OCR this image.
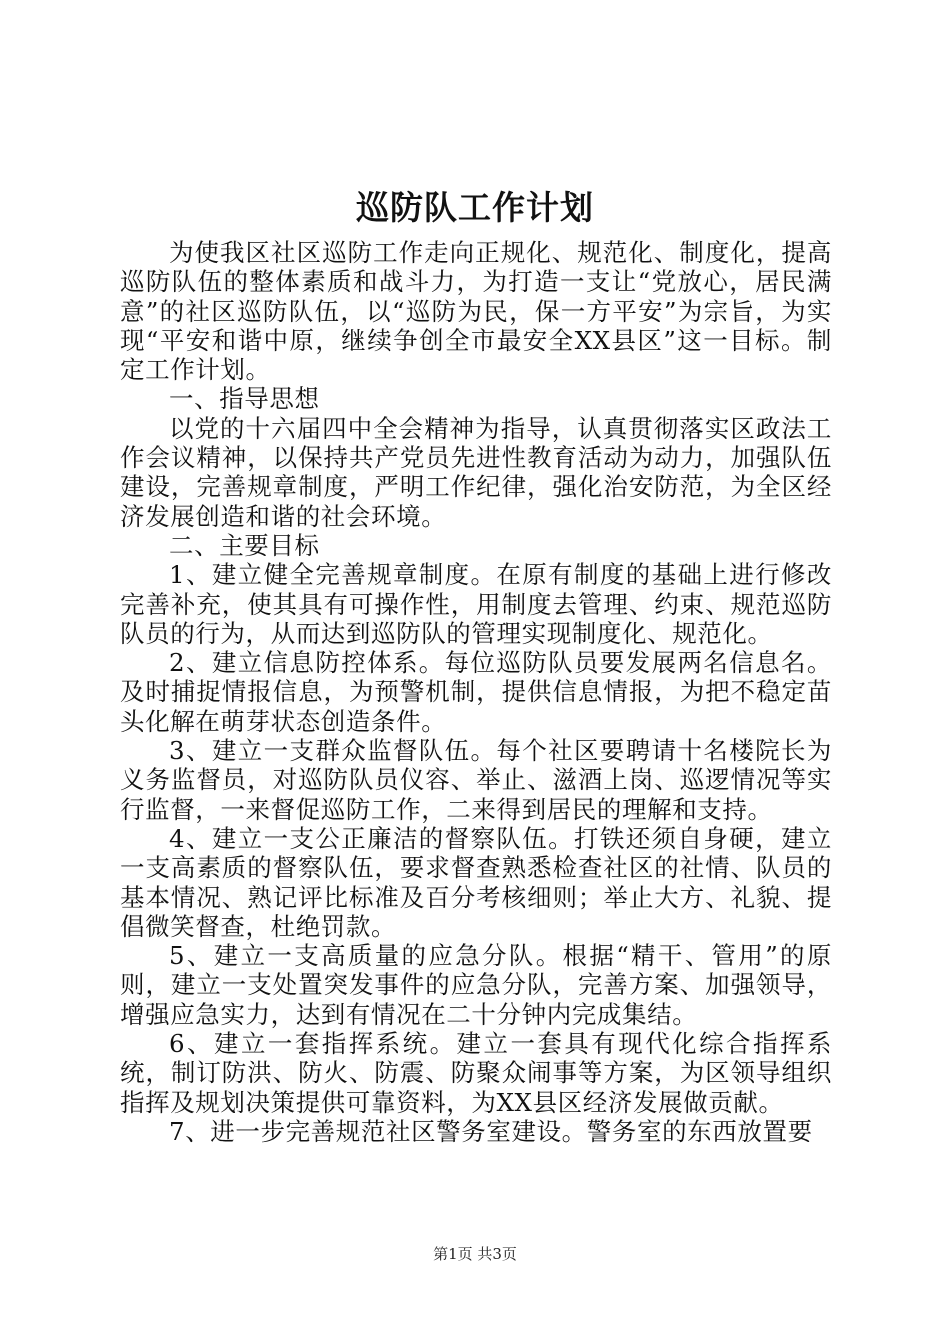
巡防队工作计划

为使我区社区巡防工作走向正规化、规范化、制度化，提高巡防队伍的整体素质和战斗力，为打造一支让“党放心，居民满意”的社区巡防队伍，以“巡防为民，保一方平安”为宗旨，为实现“平安和谐中原，继续争创全市最安全XX县区”这一目标。制定工作计划。

一、指导思想

以党的十六届四中全会精神为指导，认真贯彻落实区政法工作会议精神，以保持共产党员先进性教育活动为动力，加强队伍建设，完善规章制度，严明工作纪律，强化治安防范，为全区经济发展创造和谐的社会环境。

二、主要目标

1、建立健全完善规章制度。在原有制度的基础上进行修改完善补充，使其具有可操作性，用制度去管理、约束、规范巡防队员的行为，从而达到巡防队的管理实现制度化、规范化。

2、建立信息防控体系。每位巡防队员要发展两名信息名。及时捕捉情报信息，为预警机制，提供信息情报，为把不稳定苗头化解在萌芽状态创造条件。

3、建立一支群众监督队伍。每个社区要聘请十名楼院长为义务监督员，对巡防队员仪容、举止、滋酒上岗、巡逻情况等实行监督，一来督促巡防工作，二来得到居民的理解和支持。

4、建立一支公正廉洁的督察队伍。打铁还须自身硬，建立一支高素质的督察队伍，要求督查熟悉检查社区的社情、队员的基本情况、熟记评比标准及百分考核细则；举止大方、礼貌、提倡微笑督查，杜绝罚款。

5、建立一支高质量的应急分队。根据“精干、管用”的原则，建立一支处置突发事件的应急分队，完善方案、加强领导，增强应急实力，达到有情况在二十分钟内完成集结。

6、建立一套指挥系统。建立一套具有现代化综合指挥系统，制订防洪、防火、防震、防聚众闹事等方案，为区领导组织指挥及规划决策提供可靠资料，为XX县区经济发展做贡献。

7、进一步完善规范社区警务室建设。警务室的东西放置要

第1页 共3页
